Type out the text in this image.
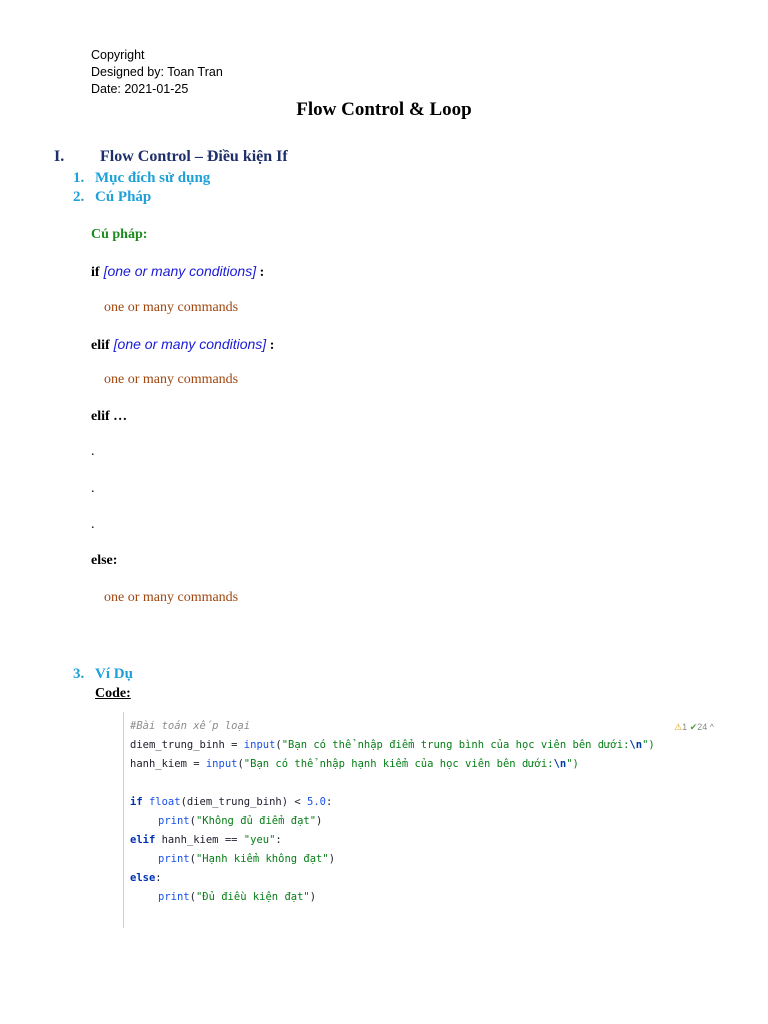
Copyright
Designed by: Toan Tran
Date: 2021-01-25
Flow Control & Loop
I. Flow Control – Điều kiện If
1. Mục đích sử dụng
2. Cú Pháp
Cú pháp:
if [one or many conditions] :
one or many commands
elif [one or many conditions] :
one or many commands
elif …
.
.
.
else:
one or many commands
3. Ví Dụ
Code:
⚠1 ✔24 ^
#Bài toán xếp loại
diem_trung_binh = input("Bạn có thể nhập điểm trung bình của học viên bên dưới:\n")
hanh_kiem = input("Bạn có thể nhập hạnh kiểm của học viên bên dưới:\n")
if float(diem_trung_binh) < 5.0:
print("Không đủ điểm đạt")
elif hanh_kiem == "yeu":
print("Hạnh kiểm không đạt")
else:
print("Đủ điều kiện đạt")
